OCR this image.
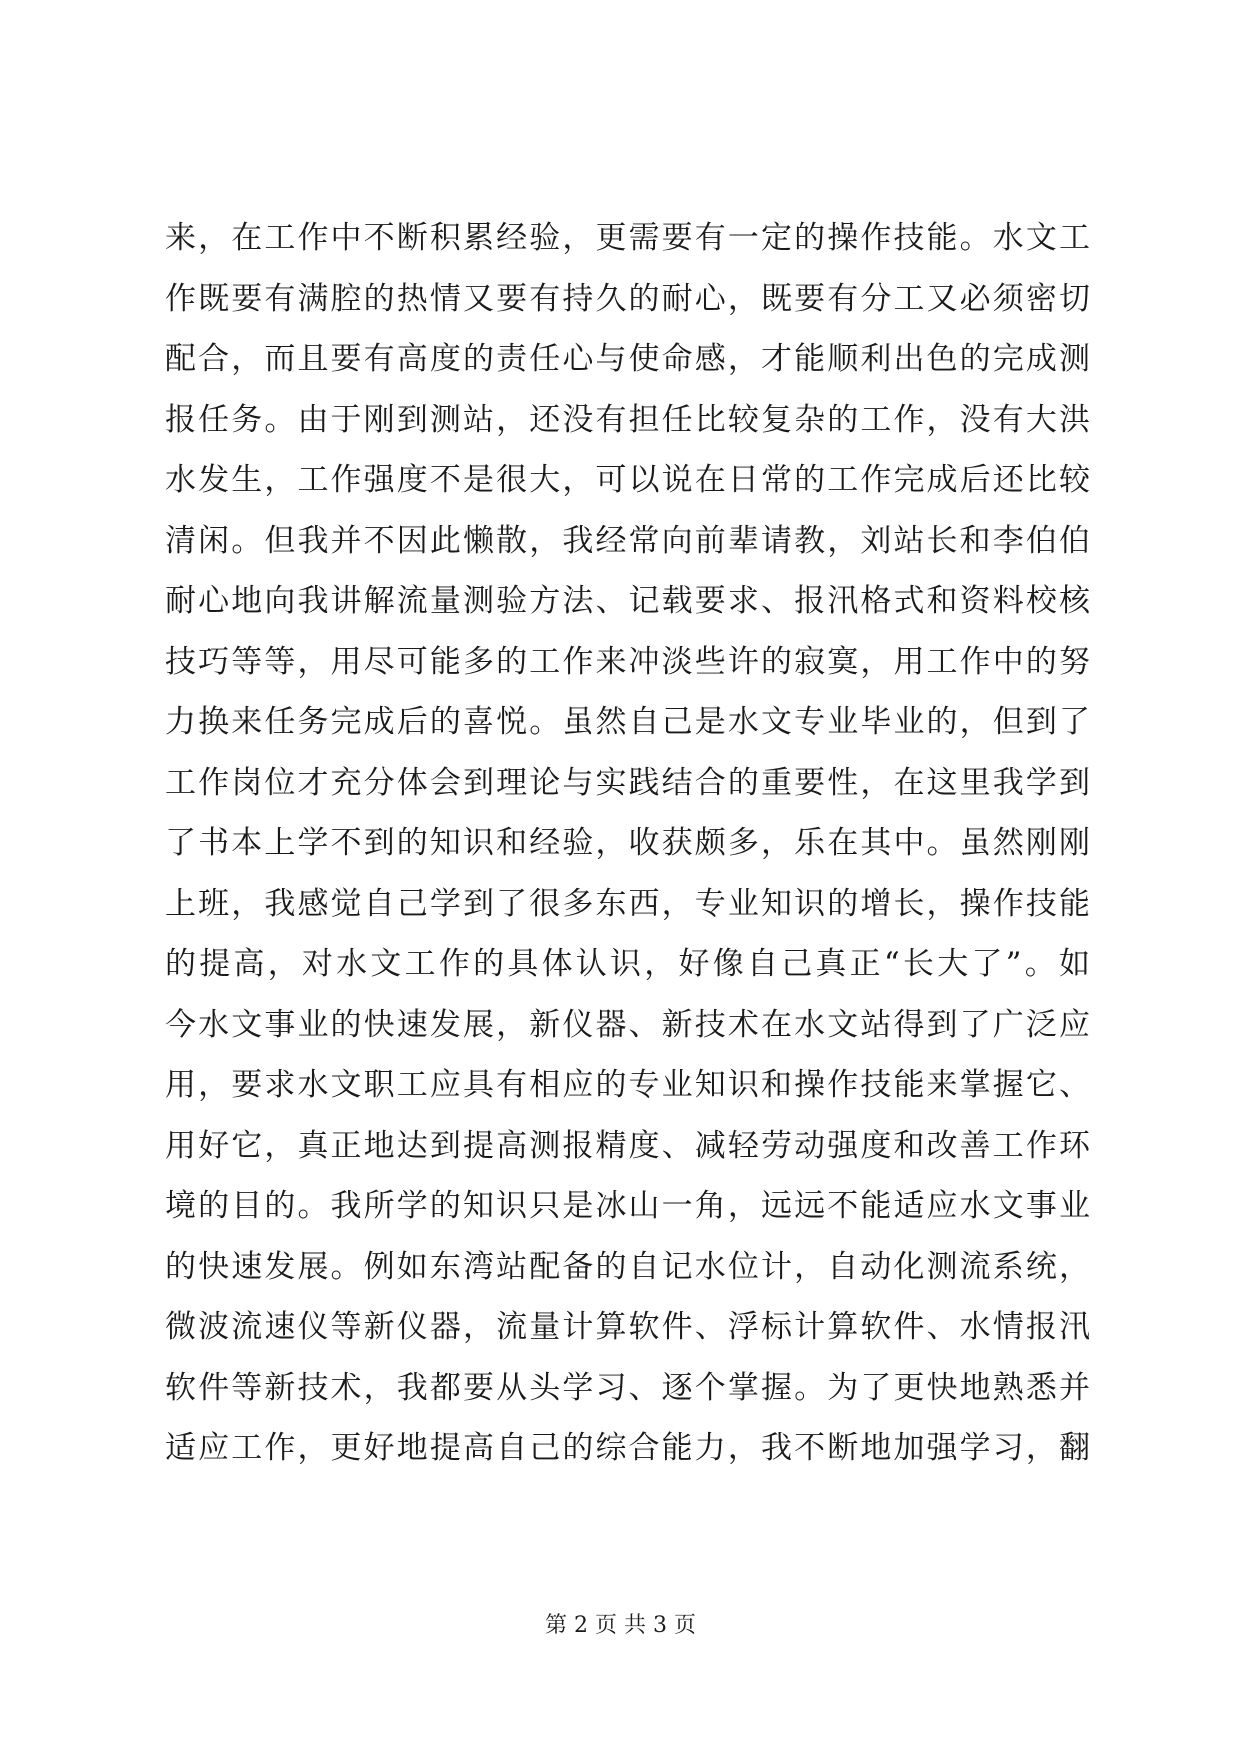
来，在工作中不断积累经验，更需要有一定的操作技能。水文工
作既要有满腔的热情又要有持久的耐心，既要有分工又必须密切
配合，而且要有高度的责任心与使命感，才能顺利出色的完成测
报任务。由于刚到测站，还没有担任比较复杂的工作，没有大洪
水发生，工作强度不是很大，可以说在日常的工作完成后还比较
清闲。但我并不因此懒散，我经常向前辈请教，刘站长和李伯伯
耐心地向我讲解流量测验方法、记载要求、报汛格式和资料校核
技巧等等，用尽可能多的工作来冲淡些许的寂寞，用工作中的努
力换来任务完成后的喜悦。虽然自己是水文专业毕业的，但到了
工作岗位才充分体会到理论与实践结合的重要性，在这里我学到
了书本上学不到的知识和经验，收获颇多，乐在其中。虽然刚刚
上班，我感觉自己学到了很多东西，专业知识的增长，操作技能
的提高，对水文工作的具体认识，好像自己真正“长大了”。如
今水文事业的快速发展，新仪器、新技术在水文站得到了广泛应
用，要求水文职工应具有相应的专业知识和操作技能来掌握它、
用好它，真正地达到提高测报精度、减轻劳动强度和改善工作环
境的目的。我所学的知识只是冰山一角，远远不能适应水文事业
的快速发展。例如东湾站配备的自记水位计，自动化测流系统，
微波流速仪等新仪器，流量计算软件、浮标计算软件、水情报汛
软件等新技术，我都要从头学习、逐个掌握。为了更快地熟悉并
适应工作，更好地提高自己的综合能力，我不断地加强学习，翻
第 2 页 共 3 页
